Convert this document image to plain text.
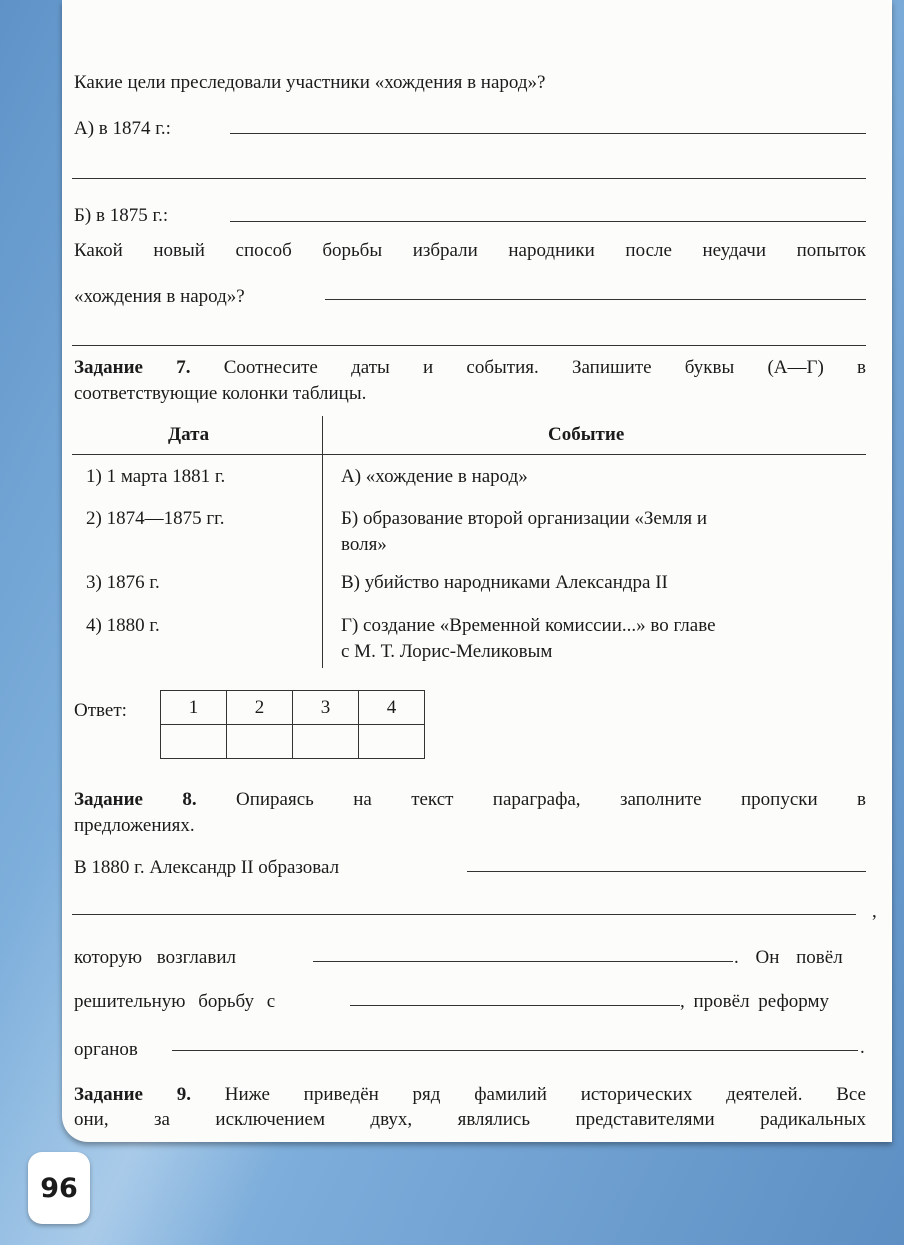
Какие цели преследовали участники «хождения в народ»?
А) в 1874 г.:
Б) в 1875 г.:
Какой новый способ борьбы избрали народники после неудачи попыток
«хождения в народ»?
Задание 7. Соотнесите даты и события. Запишите буквы (А—Г) в
соответствующие колонки таблицы.
Дата	Событие
1) 1 марта 1881 г.	А) «хождение в народ»
2) 1874—1875 гг.	Б) образование второй организации «Земля и
воля»
3) 1876 г.	В) убийство народниками Александра II
4) 1880 г.	Г) создание «Временной комиссии...» во главе
с М. Т. Лорис-Меликовым
Ответ:	1	2	3	4

Задание 8. Опираясь на текст параграфа, заполните пропуски в
предложениях.
В 1880 г. Александр II образовал
,
которую возглавил	. Он повёл
решительную борьбу с	, провёл реформу
органов	.
Задание 9. Ниже приведён ряд фамилий исторических деятелей. Все
они, за исключением двух, являлись представителями радикальных
96
